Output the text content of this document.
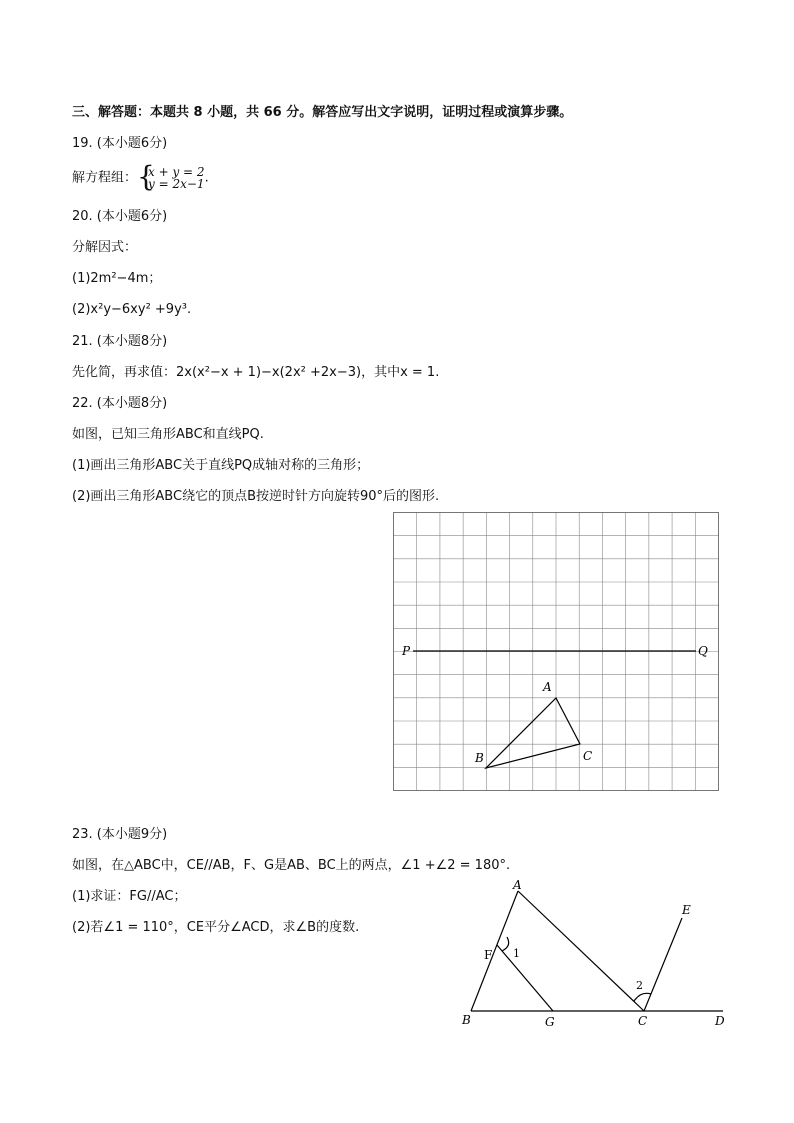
三、解答题：本题共 8 小题，共 66 分。解答应写出文字说明，证明过程或演算步骤。
19. (本小题6分)
解方程组： {
x + y = 2
y = 2x−1.
20. (本小题6分)
分解因式：
(1)2m²−4m；
(2)x²y−6xy² +9y³.
21. (本小题8分)
先化简，再求值：2x(x²−x + 1)−x(2x² +2x−3)，其中x = 1.
22. (本小题8分)
如图，已知三角形ABC和直线PQ.
(1)画出三角形ABC关于直线PQ成轴对称的三角形；
(2)画出三角形ABC绕它的顶点B按逆时针方向旋转90°后的图形.
P	Q
A
C
B
23. (本小题9分)
如图，在△ABC中，CE//AB，F、G是AB、BC上的两点，∠1 +∠2 = 180°.
(1)求证：FG//AC；
(2)若∠1 = 110°，CE平分∠ACD，求∠B的度数.
A
B	C	D
E
F
G
1
2
